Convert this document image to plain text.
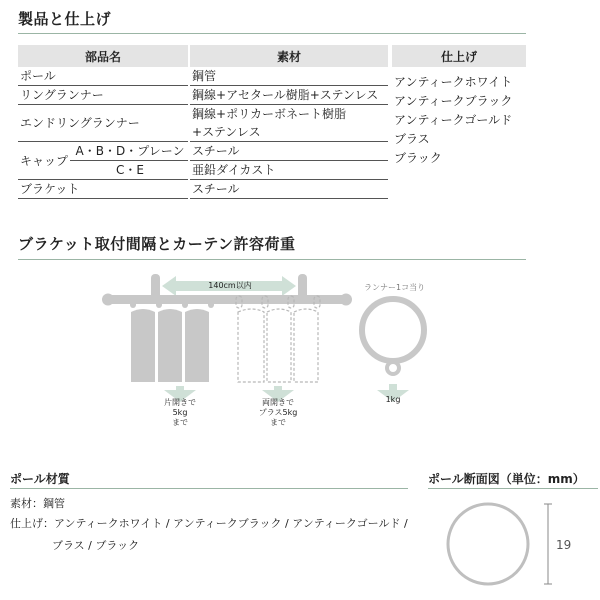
製品と仕上げ
部品名			素材		仕上げ
ポール			鋼管		アンティークホワイト
アンティークブラック
アンティークゴールド
ブラス
ブラック

リングランナー			鋼線+アセタール樹脂+ステンレス		
エンドリングランナー			鋼線+ポリカーボネート樹脂		
			+ステンレス		
キャップ	A・B・D・プレーン		スチール		
	C・E		亜鉛ダイカスト		
ブラケット			スチール		
ブラケット取付間隔とカーテン許容荷重
ランナー1コ当り
140cm以内
片開きで
5kg
まで
両開きで
プラス5kg
まで
1kg
ポール材質
素材：鋼管
仕上げ：アンティークホワイト / アンティークブラック / アンティークゴールド /
ブラス / ブラック
ポール断面図（単位：mm）
19
